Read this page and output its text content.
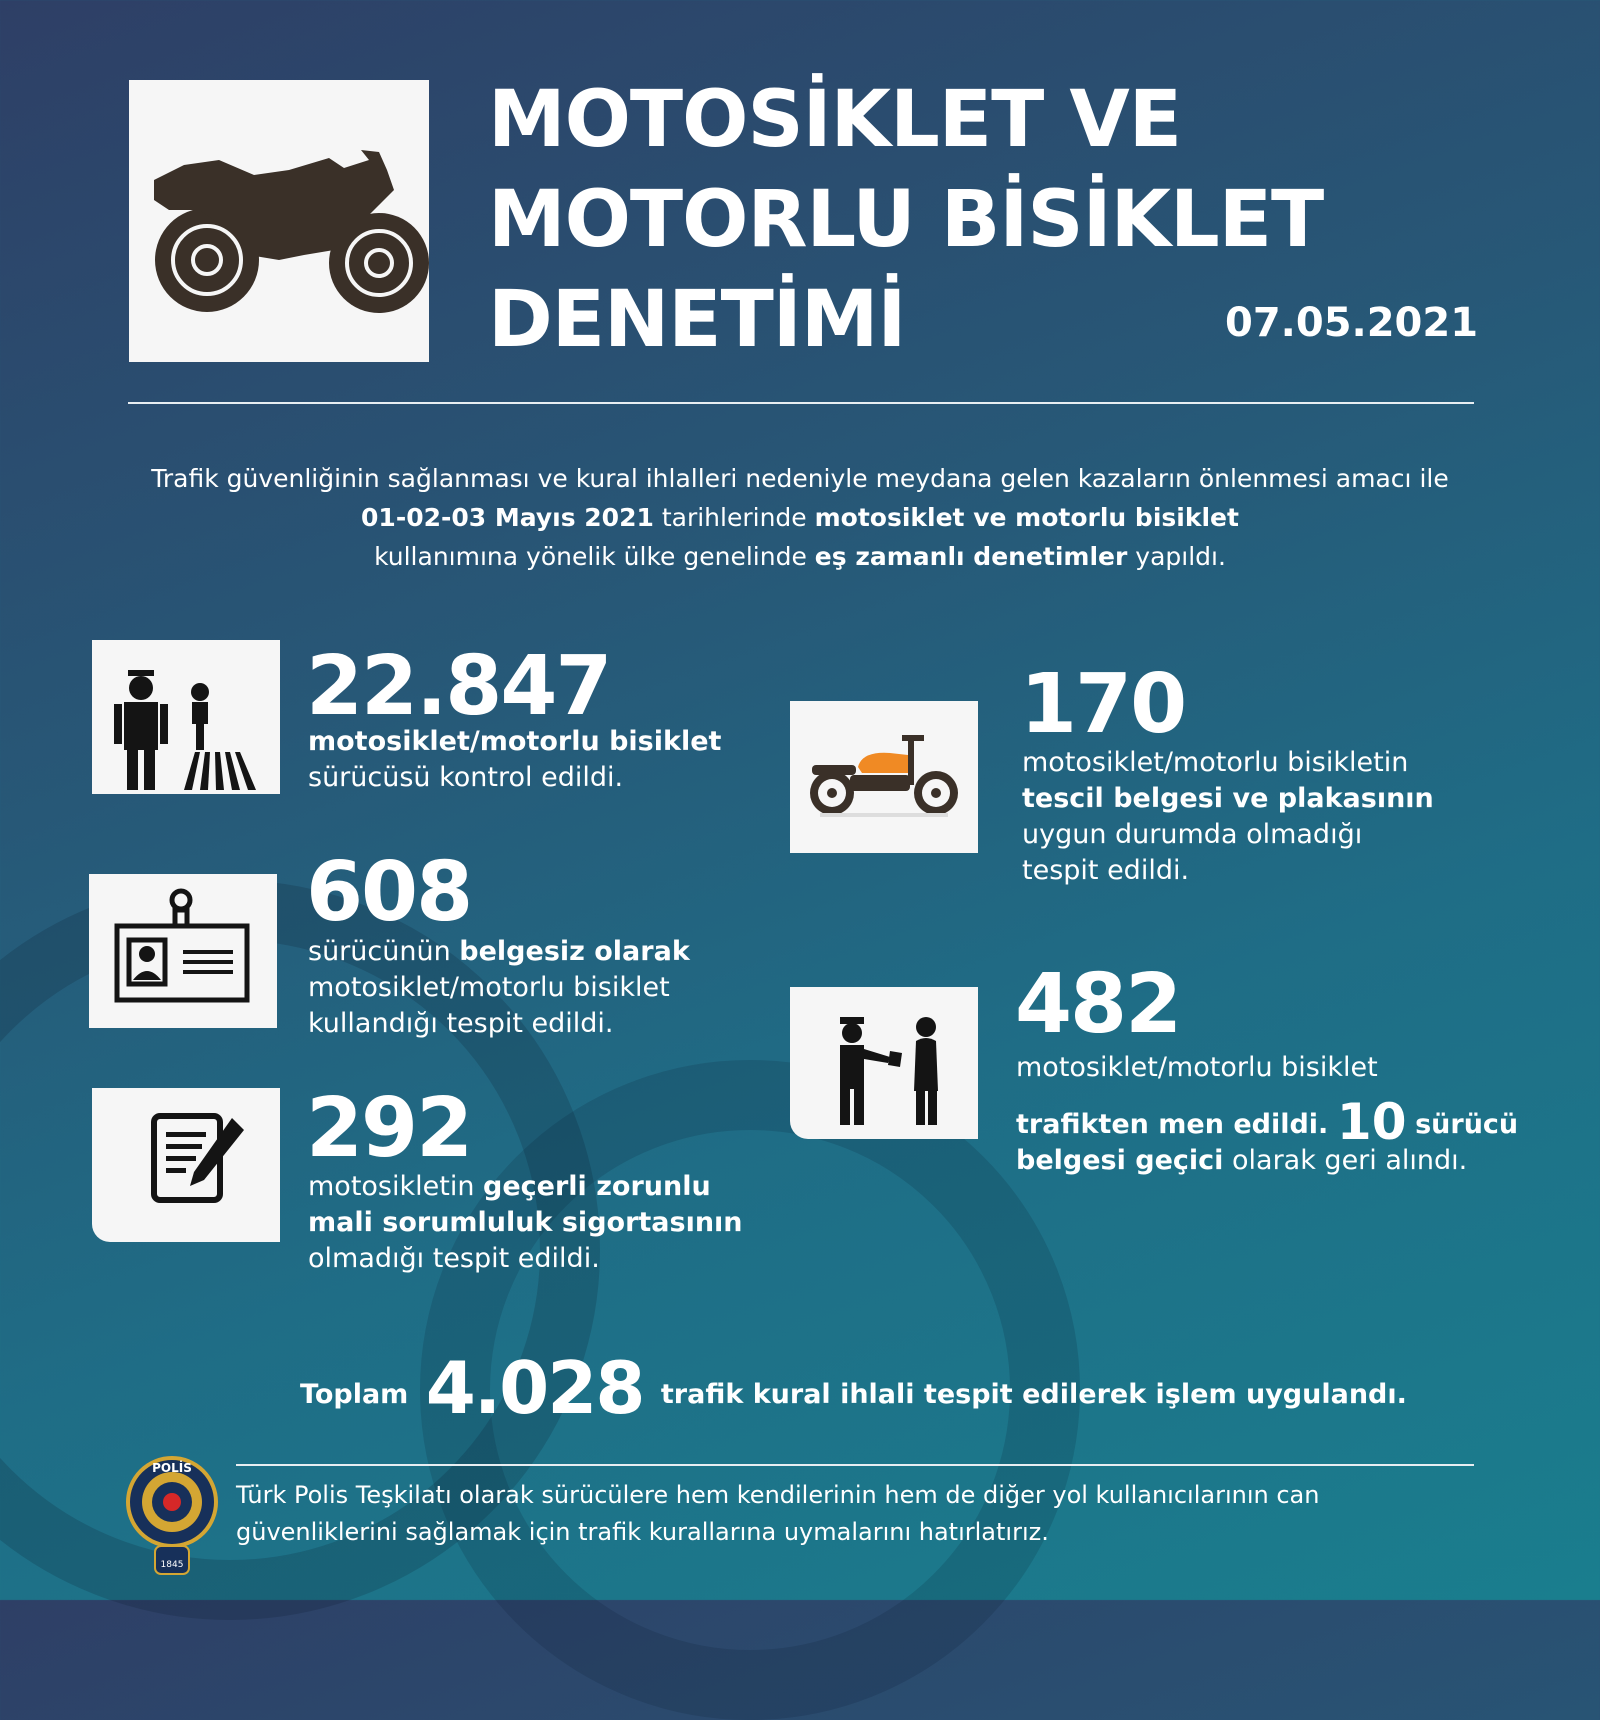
MOTOSİKLET VE
MOTORLU BİSİKLET
DENETİMİ	07.05.2021
Trafik güvenliğinin sağlanması ve kural ihlalleri nedeniyle meydana gelen kazaların önlenmesi amacı ile 01-02-03 Mayıs 2021 tarihlerinde motosiklet ve motorlu bisiklet
kullanımına yönelik ülke genelinde eş zamanlı denetimler yapıldı.
22.847
motosiklet/motorlu bisiklet
sürücüsü kontrol edildi.
608
sürücünün belgesiz olarak
motosiklet/motorlu bisiklet
kullandığı tespit edildi.
292
motosikletin geçerli zorunlu
mali sorumluluk sigortasının
olmadığı tespit edildi.
170
motosiklet/motorlu bisikletin
tescil belgesi ve plakasının
uygun durumda olmadığı
tespit edildi.
482
motosiklet/motorlu bisiklet
trafikten men edildi. 10 sürücü
belgesi geçici olarak geri alındı.
Toplam 4.028 trafik kural ihlali tespit edilerek işlem uygulandı.
POLİS
1845
Türk Polis Teşkilatı olarak sürücülere hem kendilerinin hem de diğer yol kullanıcılarının can güvenliklerini sağlamak için trafik kurallarına uymalarını hatırlatırız.
